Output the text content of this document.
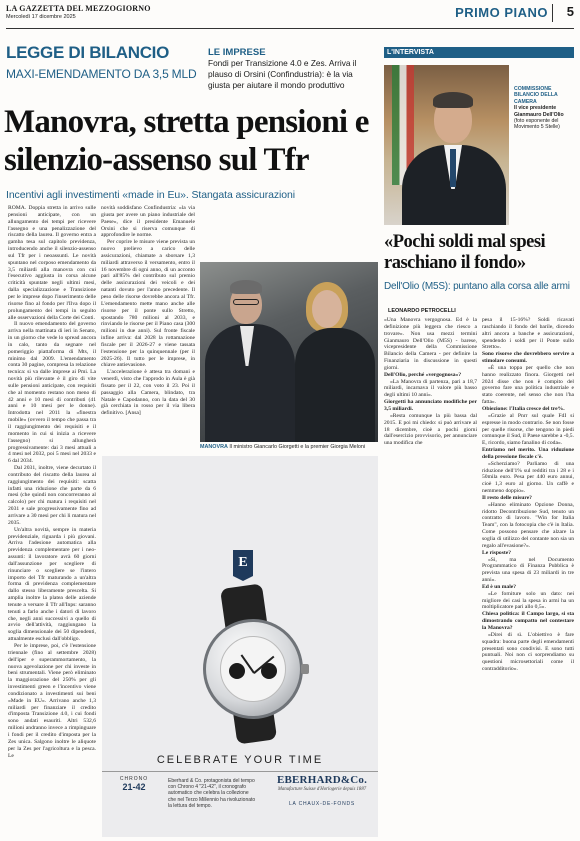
LA GAZZETTA DEL MEZZOGIORNO
Mercoledì 17 dicembre 2025	PRIMO PIANO	5
LEGGE DI BILANCIO
MAXI-EMENDAMENTO DA 3,5 MLD
LE IMPRESE
Fondi per Transizione 4.0 e Zes. Arriva il plauso di Orsini (Confindustria): è la via giusta per aiutare il mondo produttivo
Manovra, stretta pensioni e silenzio-assenso sul Tfr
Incentivi agli investimenti «made in Eu». Stangata assicurazioni

ROMA. Doppia stretta in arrivo sulle pensioni anticipate, con un allungamento dei tempi per ricevere l'assegno e una penalizzazione del riscatto della laurea. Il governo entra a gamba tesa sul capitolo previdenza, introducendo anche il silenzio-assenso sul Tfr per i neoassunti. Le novità spuntano nel corposo emendamento da 3,5 miliardi alla manovra con cui l'esecutivo aggiusta in corsa alcune criticità spuntate negli ultimi mesi, dalla specializzazione e Transizione per le imprese dopo l'inserimento delle risorse fino al fondo per l'Ilva dopo il prolungamento dei tempi in seguito alle osservazioni della Corte dei Conti.

Il nuovo emendamento del governo arriva nella mattinata di ieri in Senato, in un giorno che vede lo spread ancora in calo, tanto da segnare nel pomeriggio piattaforma di Mts, il minimo dal 2009. L'emendamento conta 30 pagine, compresa la relazione tecnica: si va dalle imprese ai Pmi. La novità più rilevante è il giro di vite sulle pensioni anticipate, con requisiti che al momento restano non meno di 42 anni e 10 mesi di contributi (41 anni e 10 mesi per le donne). Introdotta nel 2011 la «finestra mobile» (ovvero il tempo che passa tra il raggiungimento dei requisiti e il momento in cui si inizia a ricevere l'assegno) si allungherà progressivamente: dai 3 mesi attuali a 4 mesi nel 2032, poi 5 mesi nel 2033 e 6 dal 2034.

Dal 2031, inoltre, viene decurtato il contributo del riscatto della laurea al raggiungimento dei requisiti: scatta infatti una riduzione che parte da 6 mesi (che quindi non concorreranno al calcolo) per chi matura i requisiti nel 2031 e sale progressivamente fino ad arrivare a 30 mesi per chi li matura nel 2035.

Un'altra novità, sempre in materia previdenziale, riguarda i più giovani. Arriva l'adesione automatica alla previdenza complementare per i neo-assunti: il lavoratore avrà 60 giorni dall'assunzione per scegliere di rinunciare o scegliere se l'intero importo del Tfr maturando a un'altra forma di previdenza complementare dallo stesso liberamente prescelta. Si amplia inoltre la platea delle aziende tenute a versare il Tfr all'Inps: saranno tenuti a farlo anche i datori di lavoro che, negli anni successivi a quello di avvio dell'attività, raggiungano la soglia dimensionale dei 50 dipendenti, attualmente esclusi dall'obbligo.

Per le imprese, poi, c'è l'estensione triennale (fino al settembre 2028) dell'iper e superammortamento, la nuova agevolazione per chi investe in beni strumentali. Viene però eliminato la maggiorazione del 250% per gli investimenti green e l'incentivo viene condizionato a investimenti sui beni «Made in EU». Arrivano anche 1,3 miliardi per finanziare il credito d'imposta Transizione 4.0, i cui fondi sono andati esauriti. Altri 532,6 milioni andranno invece a rimpinguare i fondi per il credito d'imposta per la Zes unica. Salgono inoltre le aliquote per la Zes per l'agricoltura e la pesca. Le

novità soddisfano Confindustria: «la via giusta per avere un piano industriale del Paese», dice il presidente Emanuele Orsini che si riserva comunque di approfondire le norme.

Per coprire le misure viene prevista un nuovo prelievo a carico delle assicurazioni, chiamate a sborsare 1,3 miliardi attraverso il versamento, entro il 16 novembre di ogni anno, di un acconto pari all'85% del contributo sul premio delle assicurazioni dei veicoli e dei natanti dovuto per l'anno precedente. Il peso delle risorse dovrebbe ancora al Tfr. L'emendamento mette mano anche alle risorse per il ponte sullo Stretto, spostando 780 milioni al 2033, e rinviando le risorse per il Piano casa (300 milioni in due anni). Sul fronte fiscale infine arriva: dal 2028 la rottamazione fiscale per il 2026-27 e viene tassata l'estensione per la quinquennale (per il 2025-26). Il tutto per le imprese, in chiave antievasione.

L'accelerazione è attesa tra domani e venerdì, visto che l'approdo in Aula è già fissato per il 22, con voto il 23. Poi il passaggio alla Camera, blindato, tra Natale e Capodanno, con la data del 30 già cerchiata in rosso per il via libera definitivo. [Ansa]

MANOVRA Il ministro Giancarlo Giorgetti e la premier Giorgia Meloni
E
CELEBRATE YOUR TIME
CHRONO
21-42
Eberhard & Co. protagonista del tempo con Chrono 4 "21-42", il cronografo automatico che celebra la collezione che nel Terzo Millennio ha rivoluzionato la lettura del tempo.
EBERHARD&Co.
Manufacture Suisse d'Horlogerie depuis 1887
LA CHAUX-DE-FONDS
L'INTERVISTA
COMMISSIONE BILANCIO DELLA CAMERA
Il vice presidente Gianmauro Dell'Olio
(foto esponente del Movimento 5 Stelle)
«Pochi soldi mal spesi raschiano il fondo»
Dell'Olio (M5S): puntano alla corsa alle armi
LEONARDO PETROCELLI

«Una Manovra vergognosa. Ed è la definizione più leggera che riesco a trovare». Non usa mezzi termini Gianmauro Dell'Olio (M5S) - barese, vicepresidente della Commissione Bilancio della Camera - per definire la Finanziaria in discussione in questi giorni.

Dell'Olio, perché «vergognosa»?

«La Manovra di partenza, pari a 18,7 miliardi, incarnava il valore più basso degli ultimi 10 anni».

Giorgetti ha annunciato modifiche per 3,5 miliardi.

«Resta comunque la più bassa dal 2015. E poi mi chiedo: si può arrivare al 18 dicembre, cioè a pochi giorni dall'esercizio provvisorio, per annunciare una modifica che

pesa il 15-16%? Soldi ricavati raschiando il fondo del barile, dicendo altri ancora a banche e assicurazioni, spendendo i soldi per il Ponte sullo Stretto».

Sono risorse che dovrebbero servire a stimolare consumi.

«È una toppa per quello che non hanno realizzato finora. Giorgetti nel 2024 disse che non è compito del governo fare una politica industriale e stato coerente, nel senso che non l'ha fatta».

Obiezione: l'Italia cresce del tre%.

«Grazie al Pnrr sul quale FdI si espresse in modo contrario. Se non fosse per quelle risorse, che tengono in piedi comunque il Sud, il Paese sarebbe a -0,5. E, ricordo, siamo fanalino di coda».

Entriamo nel merito. Una riduzione della pressione fiscale c'è.

«Scherziamo? Parliamo di una riduzione dell'1% sul redditi tra i 28 e i 50mila euro. Pesa per 440 euro annui, cioè 1,3 euro al giorno. Un caffè e nemmeno doppio».

Il resto delle misure?

«Hanno eliminato Opzione Donna, ridotto Decontribuzione Sud, tenuto un contratto di lavoro. "Win for Italia Team", con la fotocopia che c'è in Italia. Come possono pensare che alzare la soglia di utilizzo del contante non sia un regalo all'evasione?».

Le risposte?

«Si, ma nel Documento Programmatico di Finanza Pubblica è prevista una spesa di 23 miliardi in tre anni».

Ed è un male?

«Le forniture solo un dato: nei migliore dei casi la spesa in armi ha un moltiplicatore pari allo 0,5».

Chiesa politica: il Campo largo, si sta dimostrando compatto nel contestare la Manovra?

«Direi di sì. L'obiettivo è fare squadra: buona parte degli emendamenti presentati sono condivisi. E sono tutti puntuali. Noi non ci sorprendiamo su questioni microsettoriali come il contradditorio».
